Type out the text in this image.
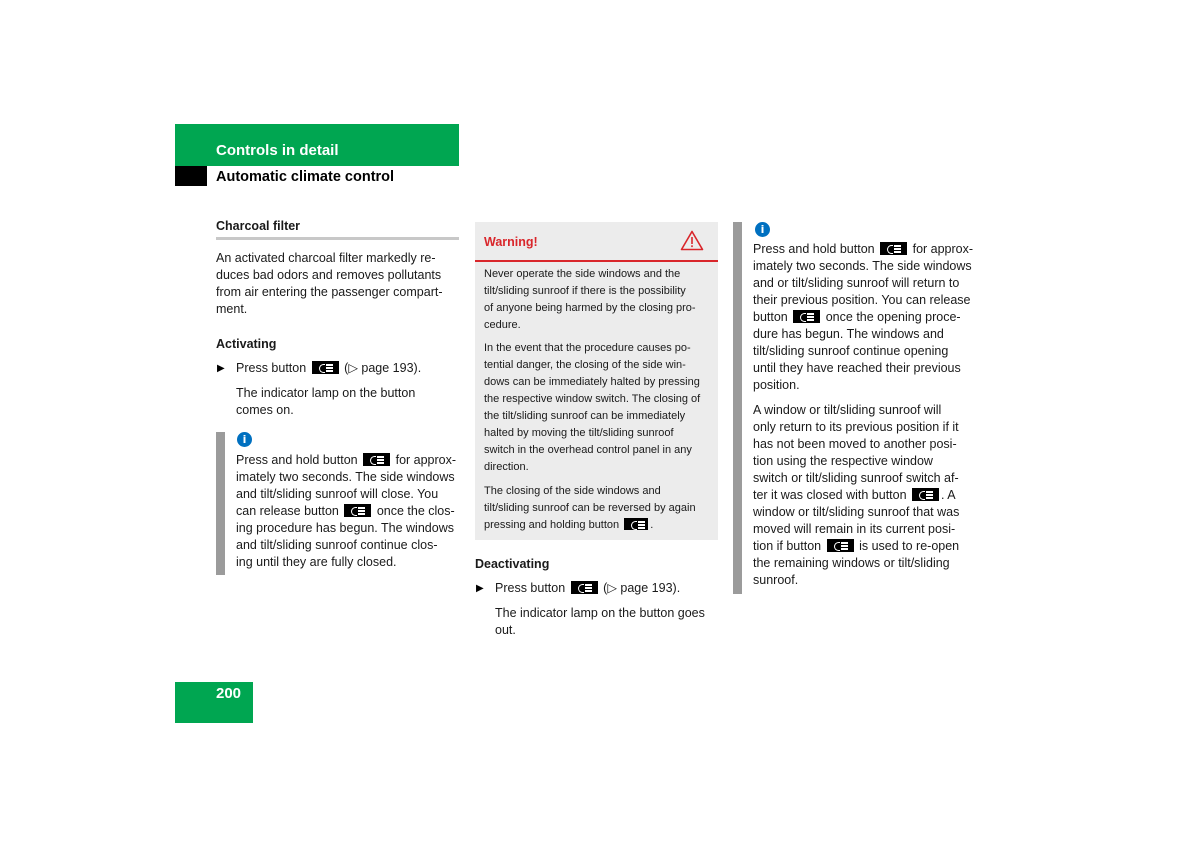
Controls in detail
Automatic climate control
Charcoal filter
An activated charcoal filter markedly re-
duces bad odors and removes pollutants
from air entering the passenger compart-
ment.
Activating
▶ Press button	(▷ page 193).
The indicator lamp on the button
comes on.
i
Press and hold button	for approx-
imately two seconds. The side windows
and tilt/sliding sunroof will close. You
can release button	once the clos-
ing procedure has begun. The windows
and tilt/sliding sunroof continue clos-
ing until they are fully closed.
Warning!
Never operate the side windows and the
tilt/sliding sunroof if there is the possibility
of anyone being harmed by the closing pro-
cedure.
In the event that the procedure causes po-
tential danger, the closing of the side win-
dows can be immediately halted by pressing
the respective window switch. The closing of
the tilt/sliding sunroof can be immediately
halted by moving the tilt/sliding sunroof
switch in the overhead control panel in any
direction.
The closing of the side windows and
tilt/sliding sunroof can be reversed by again
pressing and holding button	.
Deactivating
▶ Press button	(▷ page 193).
The indicator lamp on the button goes
out.
i
Press and hold button	for approx-
imately two seconds. The side windows
and or tilt/sliding sunroof will return to
their previous position. You can release
button	once the opening proce-
dure has begun. The windows and
tilt/sliding sunroof continue opening
until they have reached their previous
position.
A window or tilt/sliding sunroof will
only return to its previous position if it
has not been moved to another posi-
tion using the respective window
switch or tilt/sliding sunroof switch af-
ter it was closed with button	. A
window or tilt/sliding sunroof that was
moved will remain in its current posi-
tion if button	is used to re-open
the remaining windows or tilt/sliding
sunroof.
200
